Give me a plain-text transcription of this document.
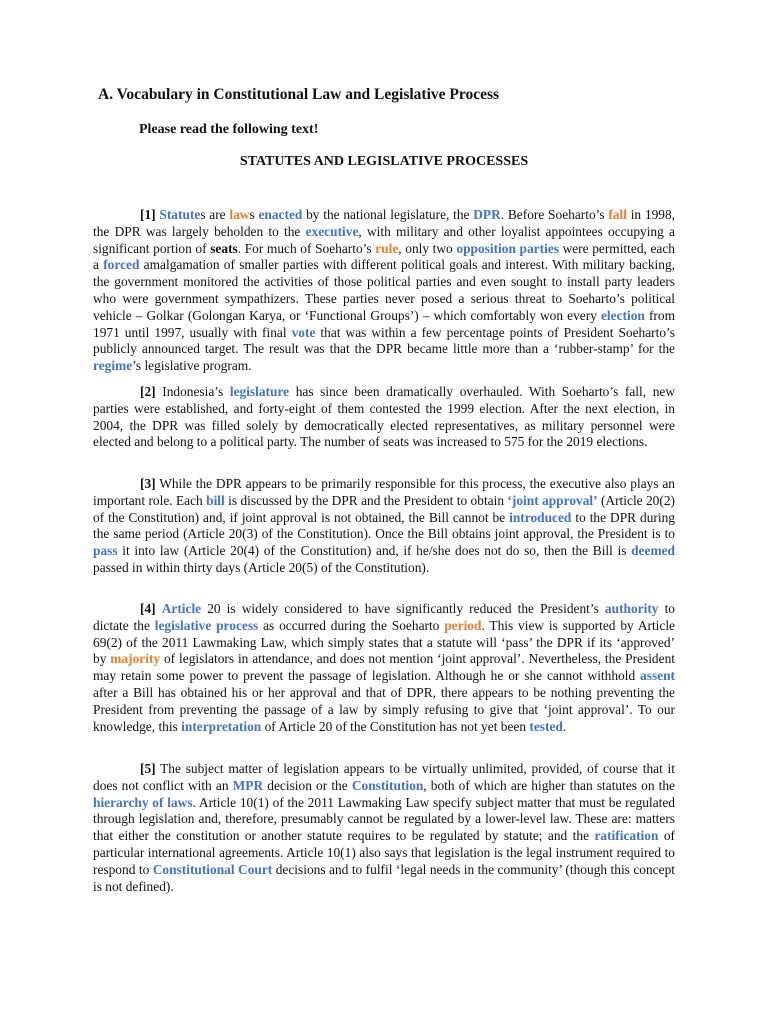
A. Vocabulary in Constitutional Law and Legislative Process

Please read the following text!

STATUTES AND LEGISLATIVE PROCESSES

[1] Statutes are laws enacted by the national legislature, the DPR. Before Soeharto’s fall in 1998, the DPR was largely beholden to the executive, with military and other loyalist appointees occupying a significant portion of seats. For much of Soeharto’s rule, only two opposition parties were permitted, each a forced amalgamation of smaller parties with different political goals and interest. With military backing, the government monitored the activities of those political parties and even sought to install party leaders who were government sympathizers. These parties never posed a serious threat to Soeharto’s political vehicle – Golkar (Golongan Karya, or ‘Functional Groups’) – which comfortably won every election from 1971 until 1997, usually with final vote that was within a few percentage points of President Soeharto’s publicly announced target. The result was that the DPR became little more than a ‘rubber-stamp’ for the regime’s legislative program.

[2] Indonesia’s legislature has since been dramatically overhauled. With Soeharto’s fall, new parties were established, and forty-eight of them contested the 1999 election. After the next election, in 2004, the DPR was filled solely by democratically elected representatives, as military personnel were elected and belong to a political party. The number of seats was increased to 575 for the 2019 elections.

[3] While the DPR appears to be primarily responsible for this process, the executive also plays an important role. Each bill is discussed by the DPR and the President to obtain ‘joint approval’ (Article 20(2) of the Constitution) and, if joint approval is not obtained, the Bill cannot be introduced to the DPR during the same period (Article 20(3) of the Constitution). Once the Bill obtains joint approval, the President is to pass it into law (Article 20(4) of the Constitution) and, if he/she does not do so, then the Bill is deemed passed in within thirty days (Article 20(5) of the Constitution).

[4] Article 20 is widely considered to have significantly reduced the President’s authority to dictate the legislative process as occurred during the Soeharto period. This view is supported by Article 69(2) of the 2011 Lawmaking Law, which simply states that a statute will ‘pass’ the DPR if its ‘approved’ by majority of legislators in attendance, and does not mention ‘joint approval’. Nevertheless, the President may retain some power to prevent the passage of legislation. Although he or she cannot withhold assent after a Bill has obtained his or her approval and that of DPR, there appears to be nothing preventing the President from preventing the passage of a law by simply refusing to give that ‘joint approval’. To our knowledge, this interpretation of Article 20 of the Constitution has not yet been tested.

[5] The subject matter of legislation appears to be virtually unlimited, provided, of course that it does not conflict with an MPR decision or the Constitution, both of which are higher than statutes on the hierarchy of laws. Article 10(1) of the 2011 Lawmaking Law specify subject matter that must be regulated through legislation and, therefore, presumably cannot be regulated by a lower-level law. These are: matters that either the constitution or another statute requires to be regulated by statute; and the ratification of particular international agreements. Article 10(1) also says that legislation is the legal instrument required to respond to Constitutional Court decisions and to fulfil ‘legal needs in the community’ (though this concept is not defined).
